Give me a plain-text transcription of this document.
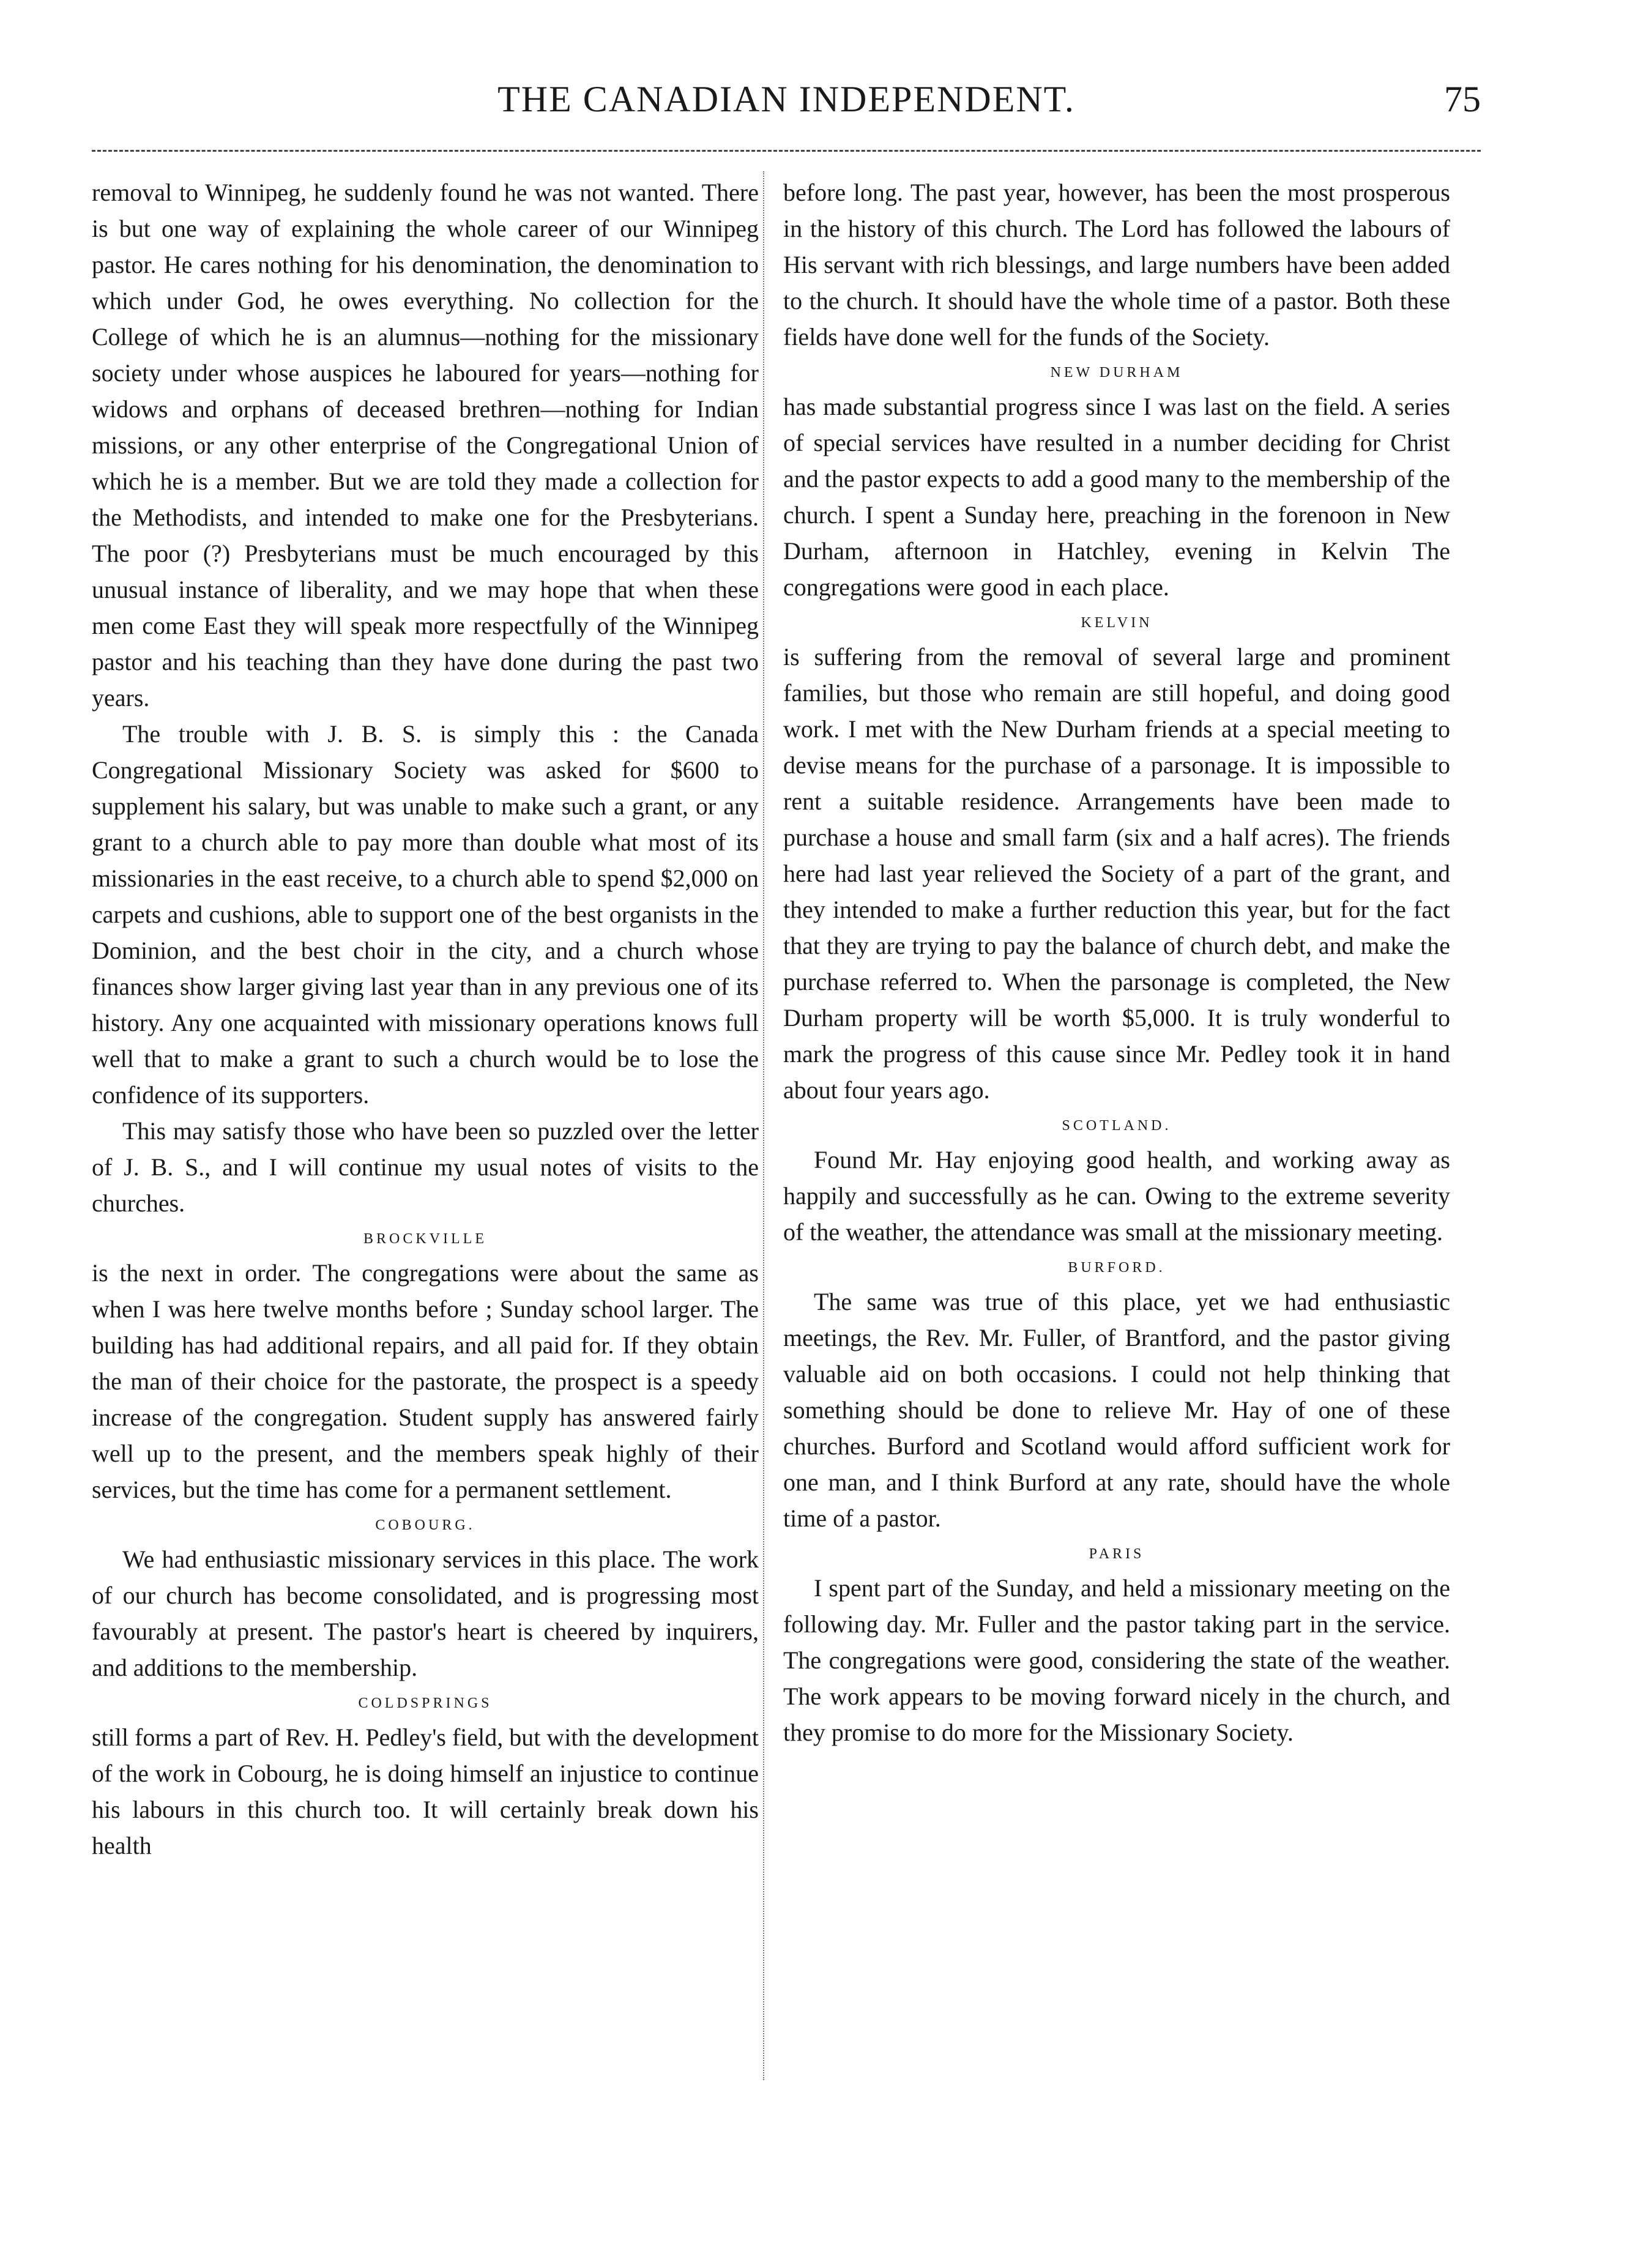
THE CANADIAN INDEPENDENT.	75

removal to Winnipeg, he suddenly found he was not wanted. There is but one way of explaining the whole career of our Winnipeg pastor. He cares nothing for his denomination, the denomination to which under God, he owes everything. No collection for the College of which he is an alumnus—nothing for the missionary society under whose auspices he laboured for years—nothing for widows and orphans of deceased brethren—nothing for Indian missions, or any other enterprise of the Congregational Union of which he is a member. But we are told they made a collection for the Methodists, and intended to make one for the Presbyterians. The poor (?) Presbyterians must be much encouraged by this unusual instance of liberality, and we may hope that when these men come East they will speak more respectfully of the Winnipeg pastor and his teaching than they have done during the past two years.

The trouble with J. B. S. is simply this : the Canada Congregational Missionary Society was asked for $600 to supplement his salary, but was unable to make such a grant, or any grant to a church able to pay more than double what most of its missionaries in the east receive, to a church able to spend $2,000 on carpets and cushions, able to support one of the best organists in the Dominion, and the best choir in the city, and a church whose finances show larger giving last year than in any previous one of its history. Any one acquainted with missionary operations knows full well that to make a grant to such a church would be to lose the confidence of its supporters.

This may satisfy those who have been so puzzled over the letter of J. B. S., and I will continue my usual notes of visits to the churches.

BROCKVILLE

is the next in order. The congregations were about the same as when I was here twelve months before ; Sunday school larger. The building has had additional repairs, and all paid for. If they obtain the man of their choice for the pastorate, the prospect is a speedy increase of the congregation. Student supply has answered fairly well up to the present, and the members speak highly of their services, but the time has come for a permanent settlement.

COBOURG.

We had enthusiastic missionary services in this place. The work of our church has become consolidated, and is progressing most favourably at present. The pastor's heart is cheered by inquirers, and additions to the membership.

COLDSPRINGS

still forms a part of Rev. H. Pedley's field, but with the development of the work in Cobourg, he is doing himself an injustice to continue his labours in this church too. It will certainly break down his health

before long. The past year, however, has been the most prosperous in the history of this church. The Lord has followed the labours of His servant with rich blessings, and large numbers have been added to the church. It should have the whole time of a pastor. Both these fields have done well for the funds of the Society.

NEW DURHAM

has made substantial progress since I was last on the field. A series of special services have resulted in a number deciding for Christ and the pastor expects to add a good many to the membership of the church. I spent a Sunday here, preaching in the forenoon in New Durham, afternoon in Hatchley, evening in Kelvin The congregations were good in each place.

KELVIN

is suffering from the removal of several large and prominent families, but those who remain are still hopeful, and doing good work. I met with the New Durham friends at a special meeting to devise means for the purchase of a parsonage. It is impossible to rent a suitable residence. Arrangements have been made to purchase a house and small farm (six and a half acres). The friends here had last year relieved the Society of a part of the grant, and they intended to make a further reduction this year, but for the fact that they are trying to pay the balance of church debt, and make the purchase referred to. When the parsonage is completed, the New Durham property will be worth $5,000. It is truly wonderful to mark the progress of this cause since Mr. Pedley took it in hand about four years ago.

SCOTLAND.

Found Mr. Hay enjoying good health, and working away as happily and successfully as he can. Owing to the extreme severity of the weather, the attendance was small at the missionary meeting.

BURFORD.

The same was true of this place, yet we had enthusiastic meetings, the Rev. Mr. Fuller, of Brantford, and the pastor giving valuable aid on both occasions. I could not help thinking that something should be done to relieve Mr. Hay of one of these churches. Burford and Scotland would afford sufficient work for one man, and I think Burford at any rate, should have the whole time of a pastor.

PARIS

I spent part of the Sunday, and held a missionary meeting on the following day. Mr. Fuller and the pastor taking part in the service. The congregations were good, considering the state of the weather. The work appears to be moving forward nicely in the church, and they promise to do more for the Missionary Society.
